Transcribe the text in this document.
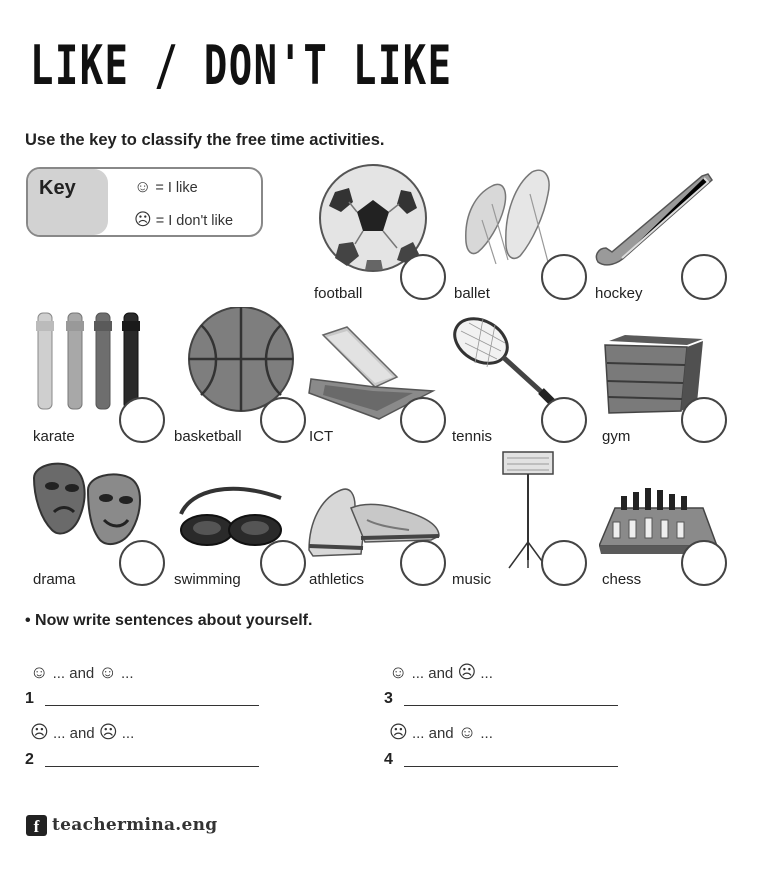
LIKE / DON'T LIKE
Use the key to classify the free time activities.
Key	☺ = I like
☹ = I don't like
football	ballet	hockey
karate	basketball	ICT	tennis	gym
drama	swimming	athletics	music	chess
• Now write sentences about yourself.
☺ ... and ☺ ...
1
☹ ... and ☹ ...
2
☺ ... and ☹ ...
3
☹ ... and ☺ ...
4
f teachermina.eng
